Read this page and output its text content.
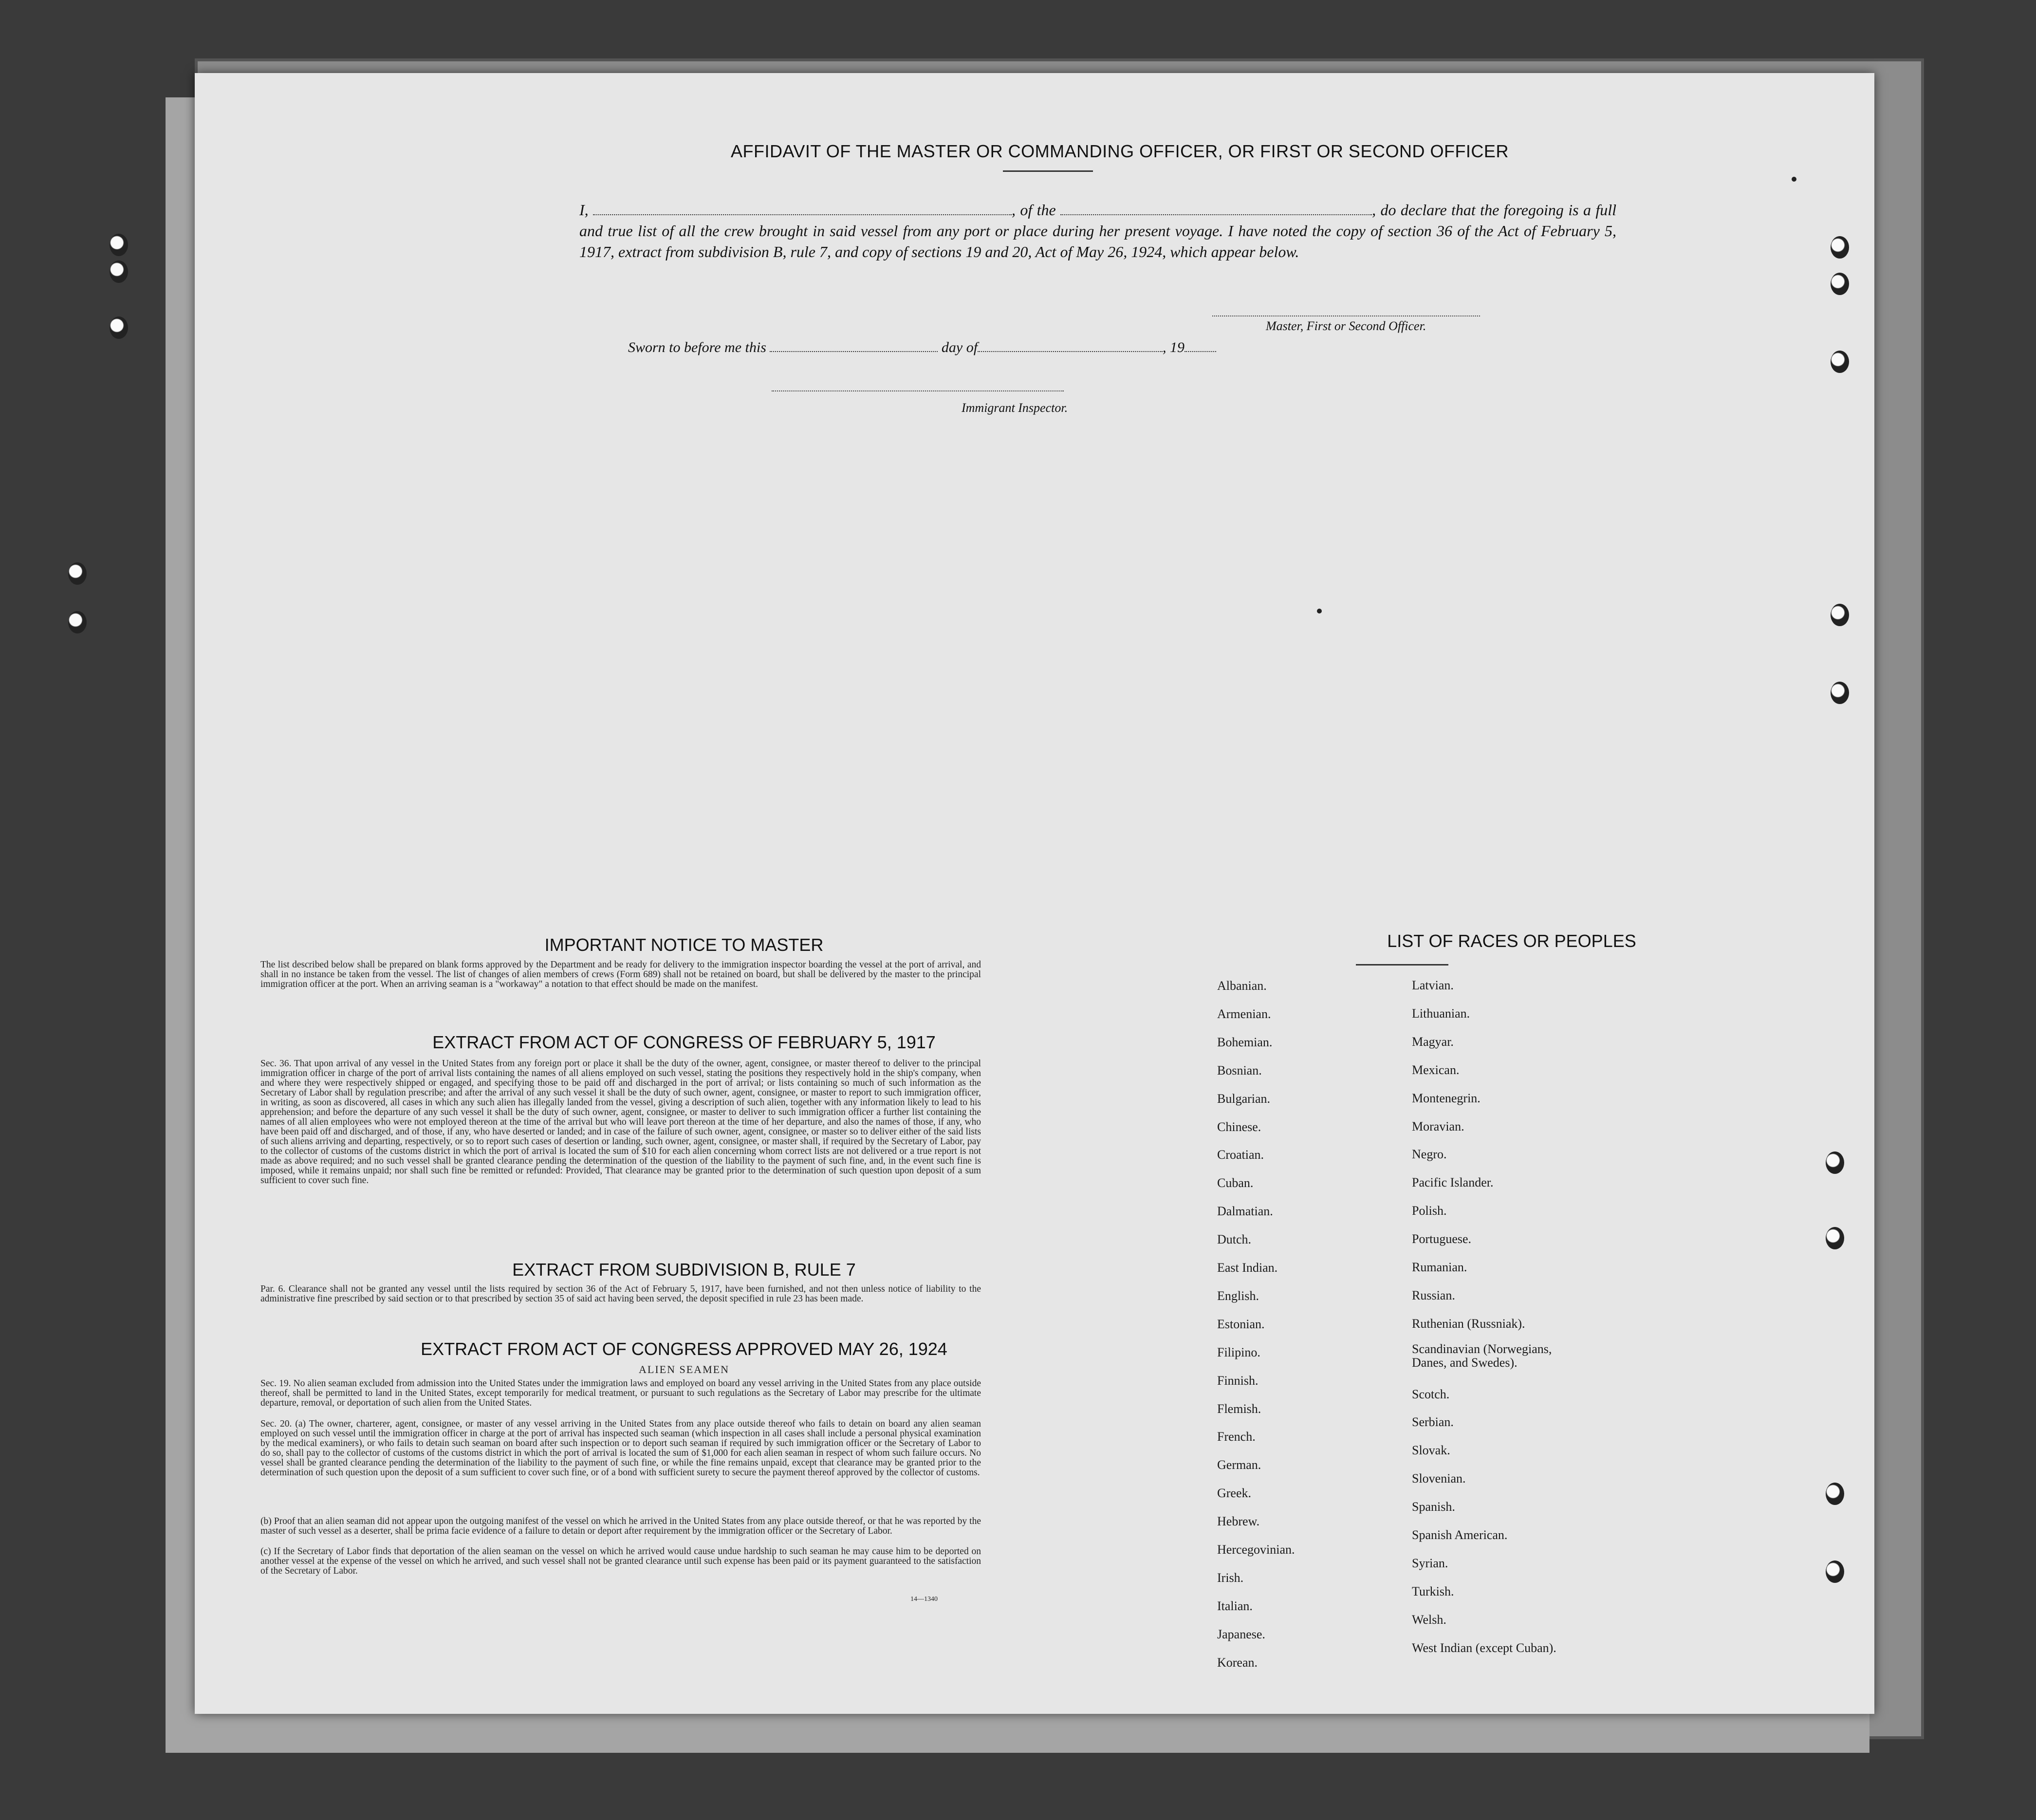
AFFIDAVIT OF THE MASTER OR COMMANDING OFFICER, OR FIRST OR SECOND OFFICER
I,	, of the	, do declare that the foregoing is a full and true list of all the crew brought in said vessel from any port or place during her present voyage. I have noted the copy of section 36 of the Act of February 5, 1917, extract from subdivision B, rule 7, and copy of sections 19 and 20, Act of May 26, 1924, which appear below.
Master, First or Second Officer.
Sworn to before me this	day of	, 19
Immigrant Inspector.
IMPORTANT NOTICE TO MASTER
The list described below shall be prepared on blank forms approved by the Department and be ready for delivery to the immigration inspector boarding the vessel at the port of arrival, and shall in no instance be taken from the vessel. The list of changes of alien members of crews (Form 689) shall not be retained on board, but shall be delivered by the master to the principal immigration officer at the port. When an arriving seaman is a "workaway" a notation to that effect should be made on the manifest.
EXTRACT FROM ACT OF CONGRESS OF FEBRUARY 5, 1917
Sec. 36. That upon arrival of any vessel in the United States from any foreign port or place it shall be the duty of the owner, agent, consignee, or master thereof to deliver to the principal immigration officer in charge of the port of arrival lists containing the names of all aliens employed on such vessel, stating the positions they respectively hold in the ship's company, when and where they were respectively shipped or engaged, and specifying those to be paid off and discharged in the port of arrival; or lists containing so much of such information as the Secretary of Labor shall by regulation prescribe; and after the arrival of any such vessel it shall be the duty of such owner, agent, consignee, or master to report to such immigration officer, in writing, as soon as discovered, all cases in which any such alien has illegally landed from the vessel, giving a description of such alien, together with any information likely to lead to his apprehension; and before the departure of any such vessel it shall be the duty of such owner, agent, consignee, or master to deliver to such immigration officer a further list containing the names of all alien employees who were not employed thereon at the time of the arrival but who will leave port thereon at the time of her departure, and also the names of those, if any, who have been paid off and discharged, and of those, if any, who have deserted or landed; and in case of the failure of such owner, agent, consignee, or master so to deliver either of the said lists of such aliens arriving and departing, respectively, or so to report such cases of desertion or landing, such owner, agent, consignee, or master shall, if required by the Secretary of Labor, pay to the collector of customs of the customs district in which the port of arrival is located the sum of $10 for each alien concerning whom correct lists are not delivered or a true report is not made as above required; and no such vessel shall be granted clearance pending the determination of the question of the liability to the payment of such fine, and, in the event such fine is imposed, while it remains unpaid; nor shall such fine be remitted or refunded: Provided, That clearance may be granted prior to the determination of such question upon deposit of a sum sufficient to cover such fine.
EXTRACT FROM SUBDIVISION B, RULE 7
Par. 6. Clearance shall not be granted any vessel until the lists required by section 36 of the Act of February 5, 1917, have been furnished, and not then unless notice of liability to the administrative fine prescribed by said section or to that prescribed by section 35 of said act having been served, the deposit specified in rule 23 has been made.
EXTRACT FROM ACT OF CONGRESS APPROVED MAY 26, 1924
ALIEN SEAMEN
Sec. 19. No alien seaman excluded from admission into the United States under the immigration laws and employed on board any vessel arriving in the United States from any place outside thereof, shall be permitted to land in the United States, except temporarily for medical treatment, or pursuant to such regulations as the Secretary of Labor may prescribe for the ultimate departure, removal, or deportation of such alien from the United States.
Sec. 20. (a) The owner, charterer, agent, consignee, or master of any vessel arriving in the United States from any place outside thereof who fails to detain on board any alien seaman employed on such vessel until the immigration officer in charge at the port of arrival has inspected such seaman (which inspection in all cases shall include a personal physical examination by the medical examiners), or who fails to detain such seaman on board after such inspection or to deport such seaman if required by such immigration officer or the Secretary of Labor to do so, shall pay to the collector of customs of the customs district in which the port of arrival is located the sum of $1,000 for each alien seaman in respect of whom such failure occurs. No vessel shall be granted clearance pending the determination of the liability to the payment of such fine, or while the fine remains unpaid, except that clearance may be granted prior to the determination of such question upon the deposit of a sum sufficient to cover such fine, or of a bond with sufficient surety to secure the payment thereof approved by the collector of customs.
(b) Proof that an alien seaman did not appear upon the outgoing manifest of the vessel on which he arrived in the United States from any place outside thereof, or that he was reported by the master of such vessel as a deserter, shall be prima facie evidence of a failure to detain or deport after requirement by the immigration officer or the Secretary of Labor.
(c) If the Secretary of Labor finds that deportation of the alien seaman on the vessel on which he arrived would cause undue hardship to such seaman he may cause him to be deported on another vessel at the expense of the vessel on which he arrived, and such vessel shall not be granted clearance until such expense has been paid or its payment guaranteed to the satisfaction of the Secretary of Labor.
14—1340
LIST OF RACES OR PEOPLES
Albanian.
Armenian.
Bohemian.
Bosnian.
Bulgarian.
Chinese.
Croatian.
Cuban.
Dalmatian.
Dutch.
East Indian.
English.
Estonian.
Filipino.
Finnish.
Flemish.
French.
German.
Greek.
Hebrew.
Hercegovinian.
Irish.
Italian.
Japanese.
Korean.
Latvian.
Lithuanian.
Magyar.
Mexican.
Montenegrin.
Moravian.
Negro.
Pacific Islander.
Polish.
Portuguese.
Rumanian.
Russian.
Ruthenian (Russniak).
Scandinavian (Norwegians,
Danes, and Swedes).
Scotch.
Serbian.
Slovak.
Slovenian.
Spanish.
Spanish American.
Syrian.
Turkish.
Welsh.
West Indian (except Cuban).
